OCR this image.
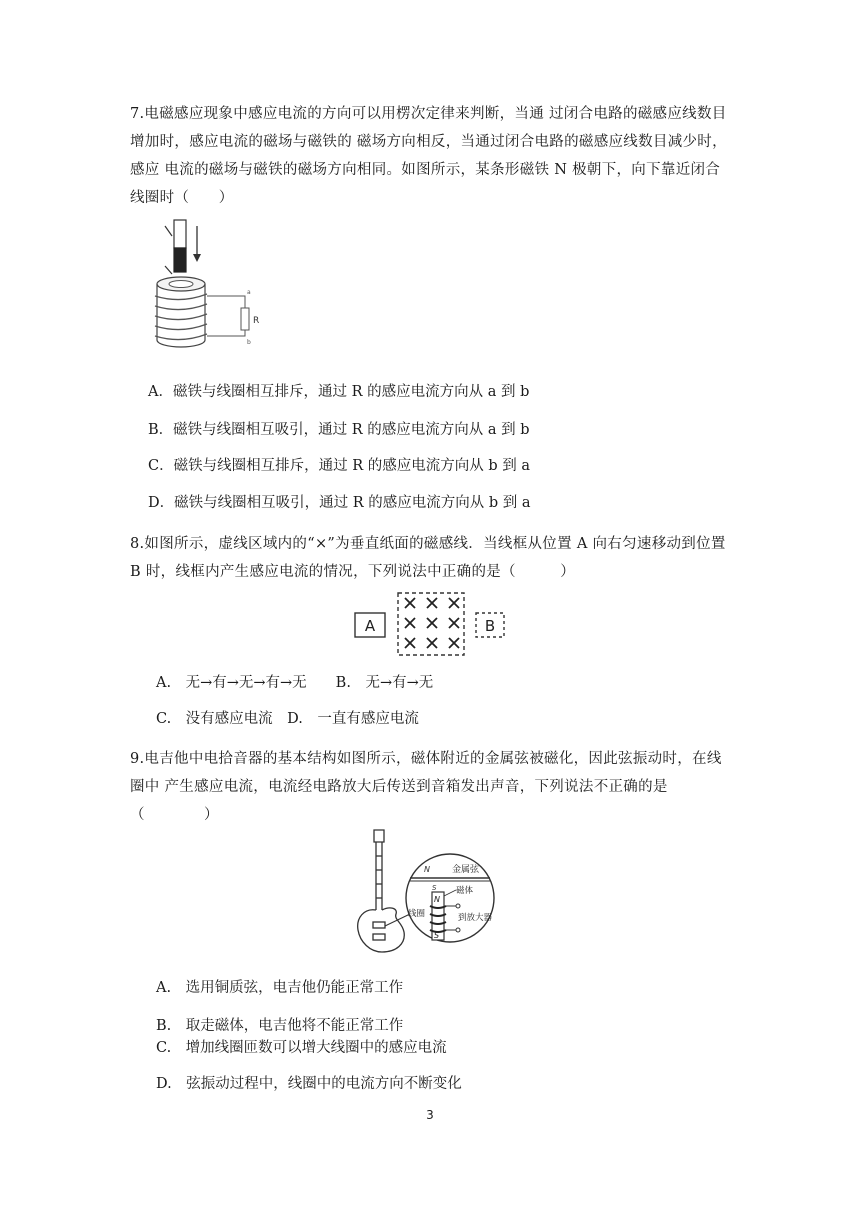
7.电磁感应现象中感应电流的方向可以用楞次定律来判断，当通 过闭合电路的磁感应线数目增加时，感应电流的磁场与磁铁的 磁场方向相反，当通过闭合电路的磁感应线数目减少时，感应 电流的磁场与磁铁的磁场方向相同。如图所示，某条形磁铁 N 极朝下，向下靠近闭合线圈时（　　）
R
a
b
A．磁铁与线圈相互排斥，通过 R 的感应电流方向从 a 到 b
B．磁铁与线圈相互吸引，通过 R 的感应电流方向从 a 到 b
C．磁铁与线圈相互排斥，通过 R 的感应电流方向从 b 到 a
D．磁铁与线圈相互吸引，通过 R 的感应电流方向从 b 到 a
8.如图所示，虚线区域内的“×”为垂直纸面的磁感线．当线框从位置 A 向右匀速移动到位置 B 时，线框内产生感应电流的情况，下列说法中正确的是（　　　）
A	B
A.　无→有→无→有→无　　B.　无→有→无
C.　没有感应电流　D.　一直有感应电流
9.电吉他中电拾音器的基本结构如图所示，磁体附近的金属弦被磁化，因此弦振动时，在线圈中 产生感应电流，电流经电路放大后传送到音箱发出声音，下列说法不正确的是（　　　　）
N 金属弦
S
N
S
磁体
到放大器
线圈
A.　选用铜质弦，电吉他仍能正常工作
B.　取走磁体，电吉他将不能正常工作
C.　增加线圈匝数可以增大线圈中的感应电流
D.　弦振动过程中，线圈中的电流方向不断变化
3
